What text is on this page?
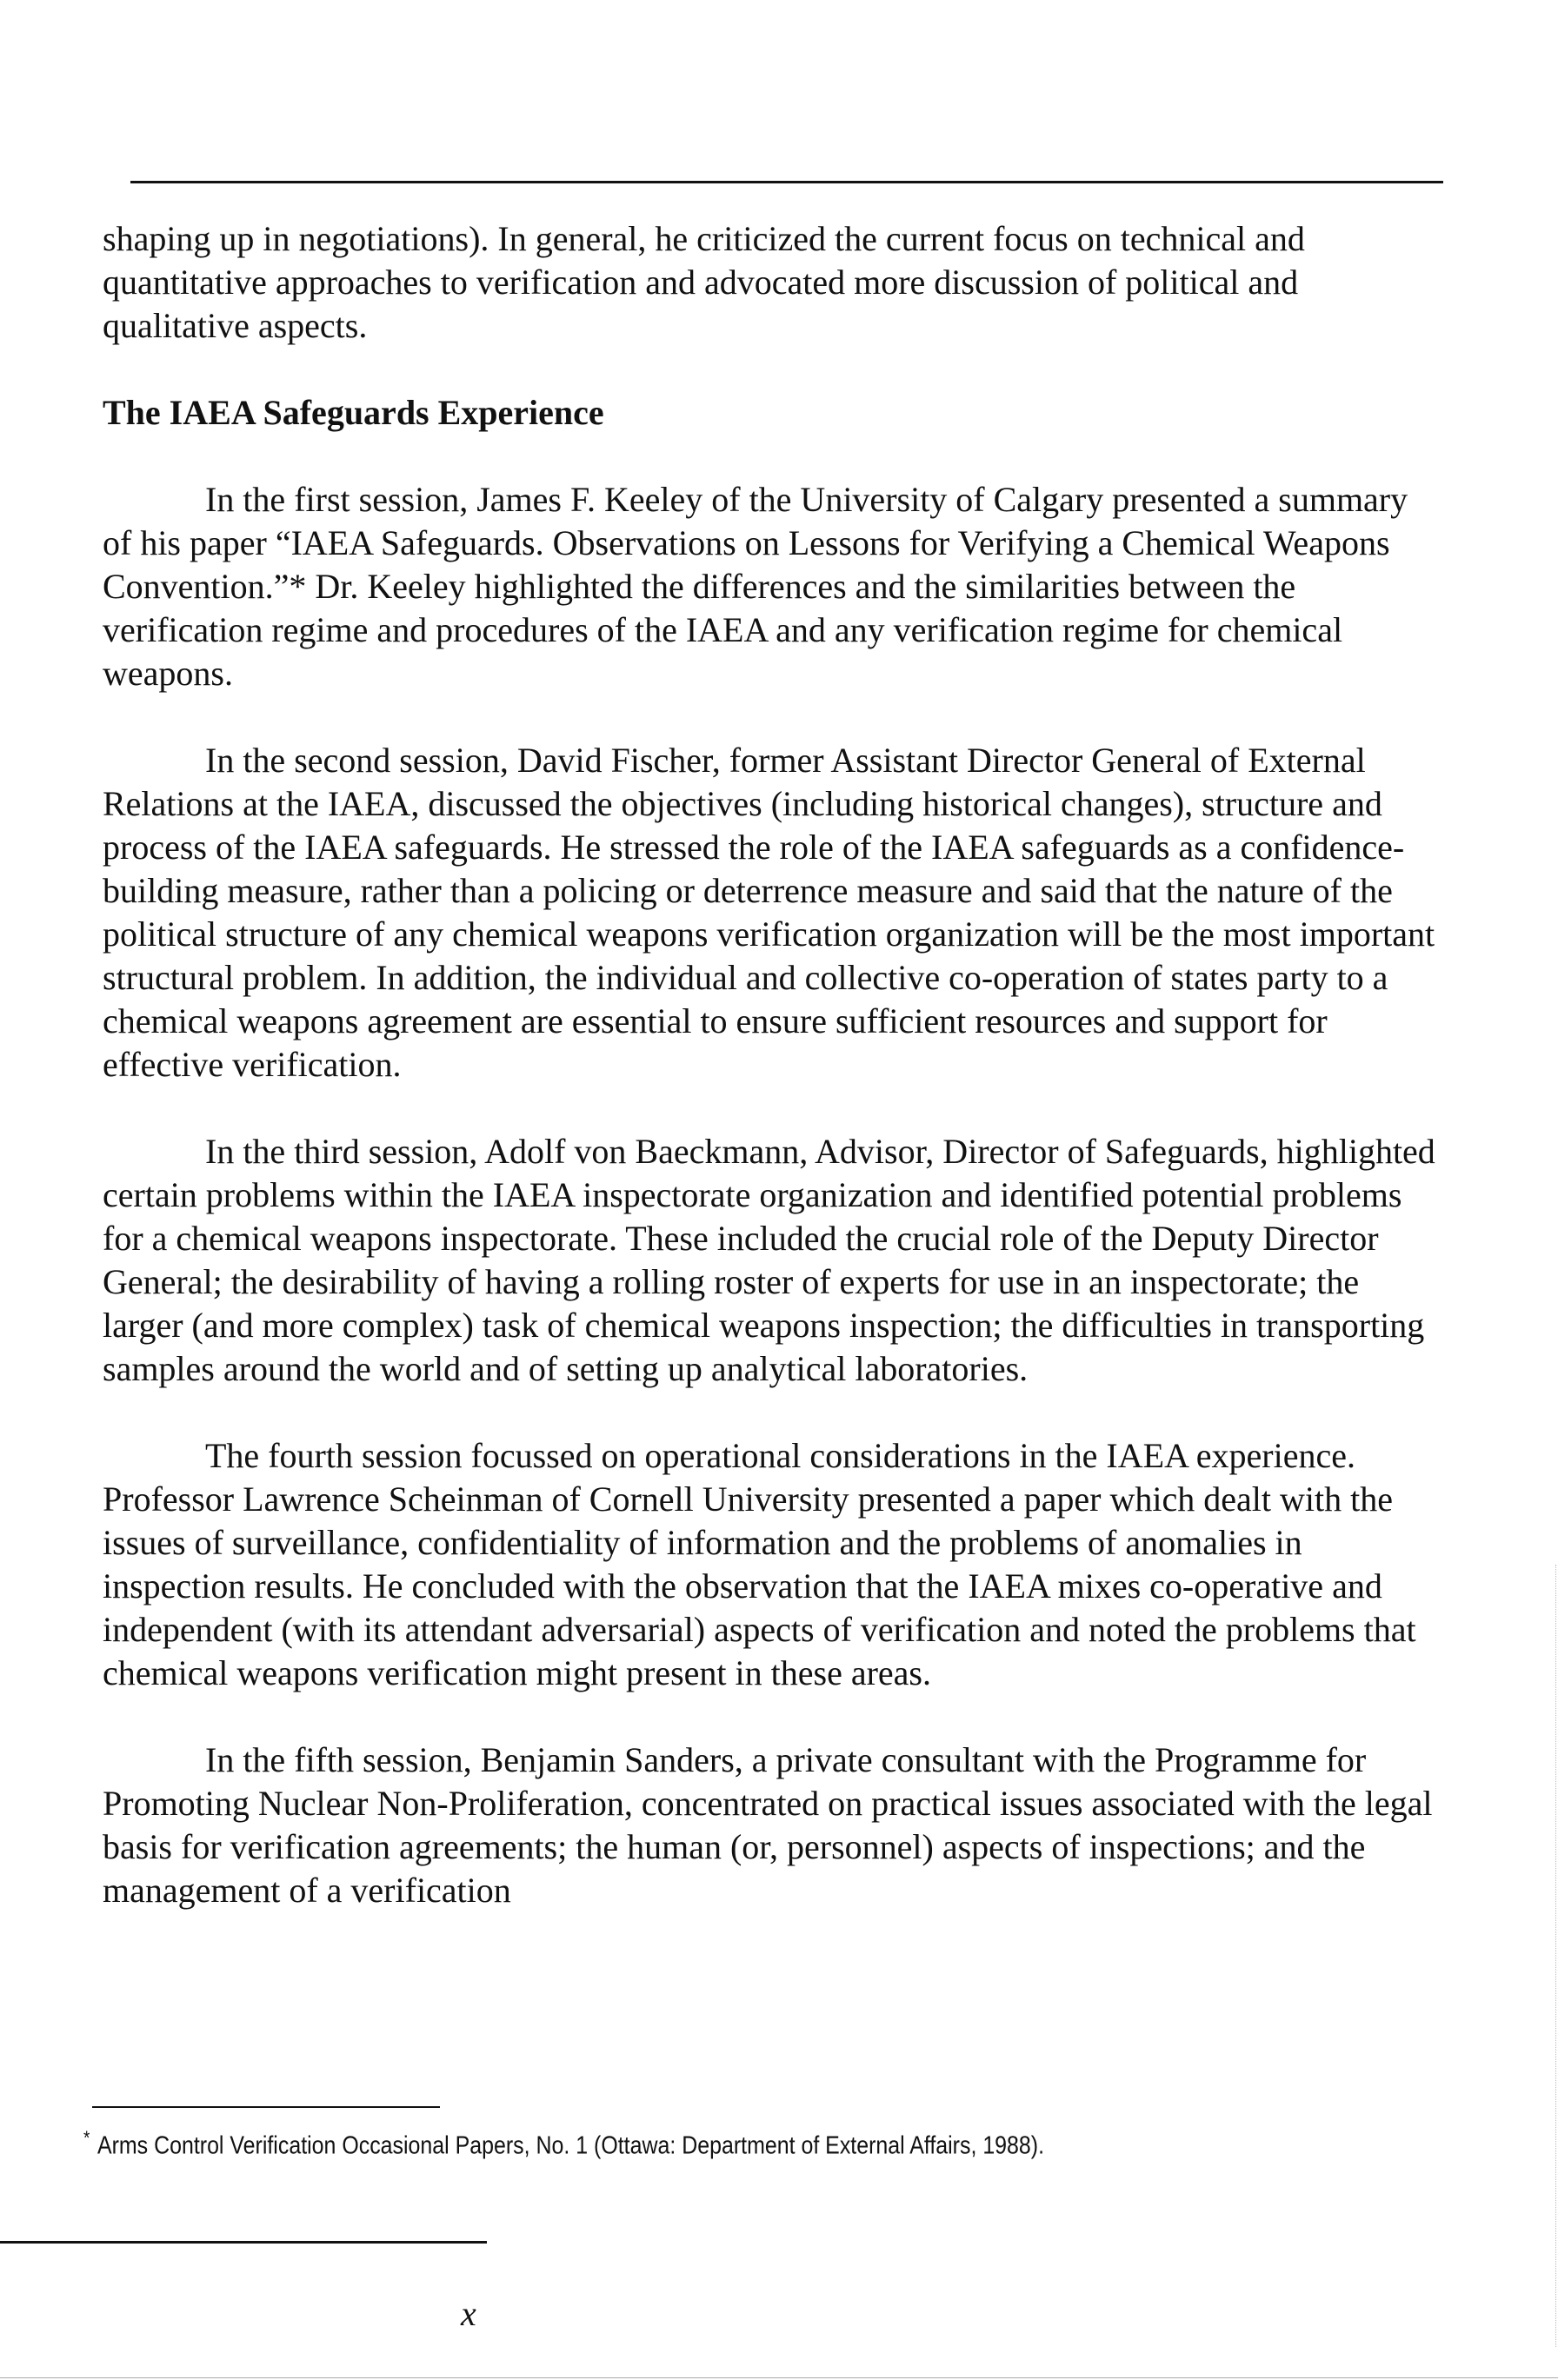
shaping up in negotiations). In general, he criticized the current focus on technical and quantitative approaches to verification and advocated more discussion of political and qualitative aspects.

The IAEA Safeguards Experience

In the first session, James F. Keeley of the University of Calgary presented a summary of his paper “IAEA Safeguards. Observations on Lessons for Verifying a Chemical Weapons Convention.”* Dr. Keeley highlighted the differences and the similarities between the verification regime and procedures of the IAEA and any verification regime for chemical weapons.

In the second session, David Fischer, former Assistant Director General of External Relations at the IAEA, discussed the objectives (including historical changes), structure and process of the IAEA safeguards. He stressed the role of the IAEA safeguards as a confidence-building measure, rather than a policing or deterrence measure and said that the nature of the political structure of any chemical weapons verification organization will be the most important structural problem. In addition, the individual and collective co-operation of states party to a chemical weapons agreement are essential to ensure sufficient resources and support for effective verification.

In the third session, Adolf von Baeckmann, Advisor, Director of Safeguards, highlighted certain problems within the IAEA inspectorate organization and identified potential problems for a chemical weapons inspectorate. These included the crucial role of the Deputy Director General; the desirability of having a rolling roster of experts for use in an inspectorate; the larger (and more complex) task of chemical weapons inspection; the difficulties in transporting samples around the world and of setting up analytical laboratories.

The fourth session focussed on operational considerations in the IAEA experience. Professor Lawrence Scheinman of Cornell University presented a paper which dealt with the issues of surveillance, confidentiality of information and the problems of anomalies in inspection results. He concluded with the observation that the IAEA mixes co-operative and independent (with its attendant adversarial) aspects of verification and noted the problems that chemical weapons verification might present in these areas.

In the fifth session, Benjamin Sanders, a private consultant with the Programme for Promoting Nuclear Non-Proliferation, concentrated on practical issues associated with the legal basis for verification agreements; the human (or, personnel) aspects of inspections; and the management of a verification

* Arms Control Verification Occasional Papers, No. 1 (Ottawa: Department of External Affairs, 1988).
x
